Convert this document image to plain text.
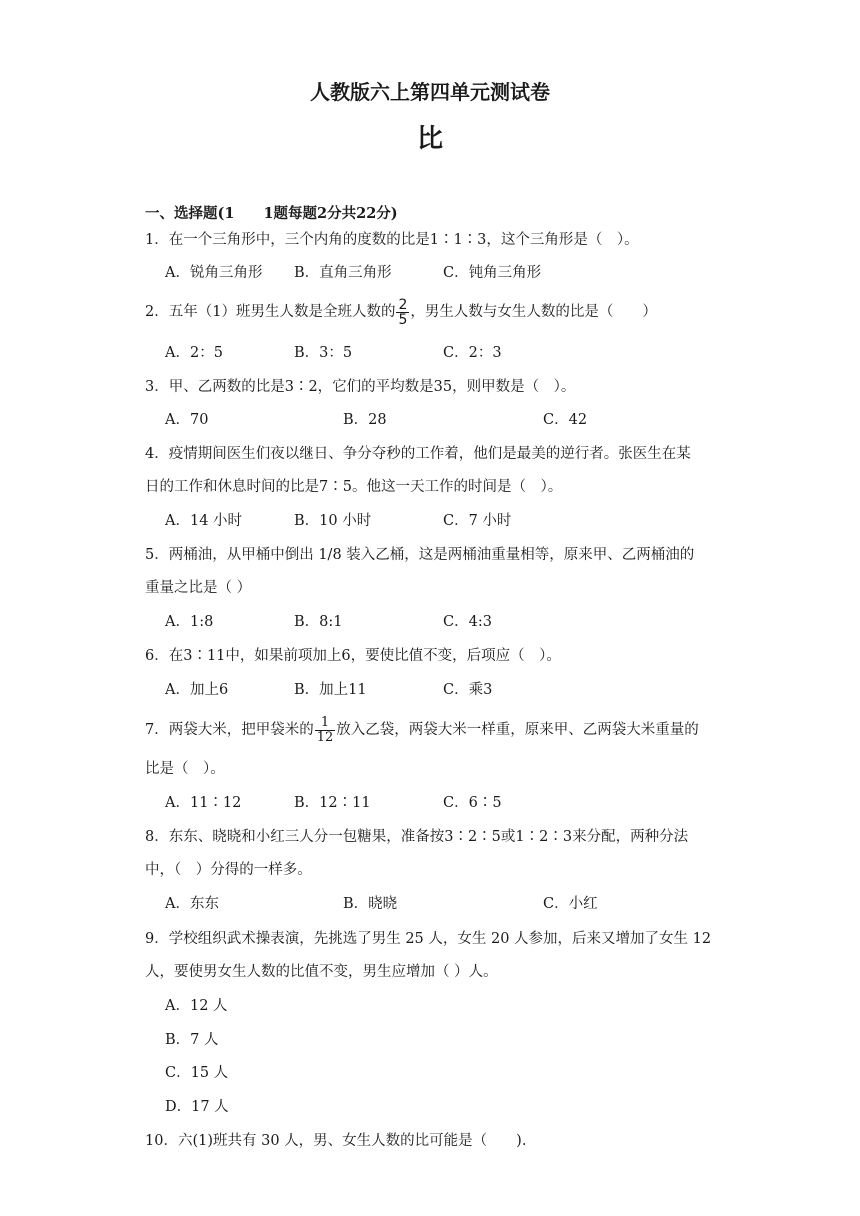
人教版六上第四单元测试卷
比
一、选择题(1　　1题每题2分共22分)
1．在一个三角形中，三个内角的度数的比是1∶1∶3，这个三角形是（　）。
A．锐角三角形 B．直角三角形	C．钝角三角形
2．五年（1）班男生人数是全班人数的 $\frac{2}{5}$ ，男生人数与女生人数的比是（　　）
A．2：5	B．3：5	C．2：3
3．甲、乙两数的比是3∶2，它们的平均数是35，则甲数是（　）。
A．70	B．28	C．42
4．疫情期间医生们夜以继日、争分夺秒的工作着，他们是最美的逆行者。张医生在某
日的工作和休息时间的比是7∶5。他这一天工作的时间是（　）。
A．14 小时	B．10 小时	C．7 小时
5．两桶油，从甲桶中倒出 1/8 装入乙桶，这是两桶油重量相等，原来甲、乙两桶油的
重量之比是（ ）
A．1:8	B．8:1	C．4:3
6．在3∶11中，如果前项加上6，要使比值不变，后项应（　）。
A．加上6	B．加上11	C．乘3
7．两袋大米，把甲袋米的 $\frac{1}{12}$ 放入乙袋，两袋大米一样重，原来甲、乙两袋大米重量的
比是（　）。
A．11∶12	B．12∶11	C．6∶5
8．东东、晓晓和小红三人分一包糖果，准备按3∶2∶5或1∶2∶3来分配，两种分法
中，（　）分得的一样多。
A．东东	B．晓晓	C．小红
9．学校组织武术操表演，先挑选了男生 25 人，女生 20 人参加，后来又增加了女生 12
人，要使男女生人数的比值不变，男生应增加（ ）人。
A．12 人
B．7 人
C．15 人
D．17 人
10．六(1)班共有 30 人，男、女生人数的比可能是（　　).
